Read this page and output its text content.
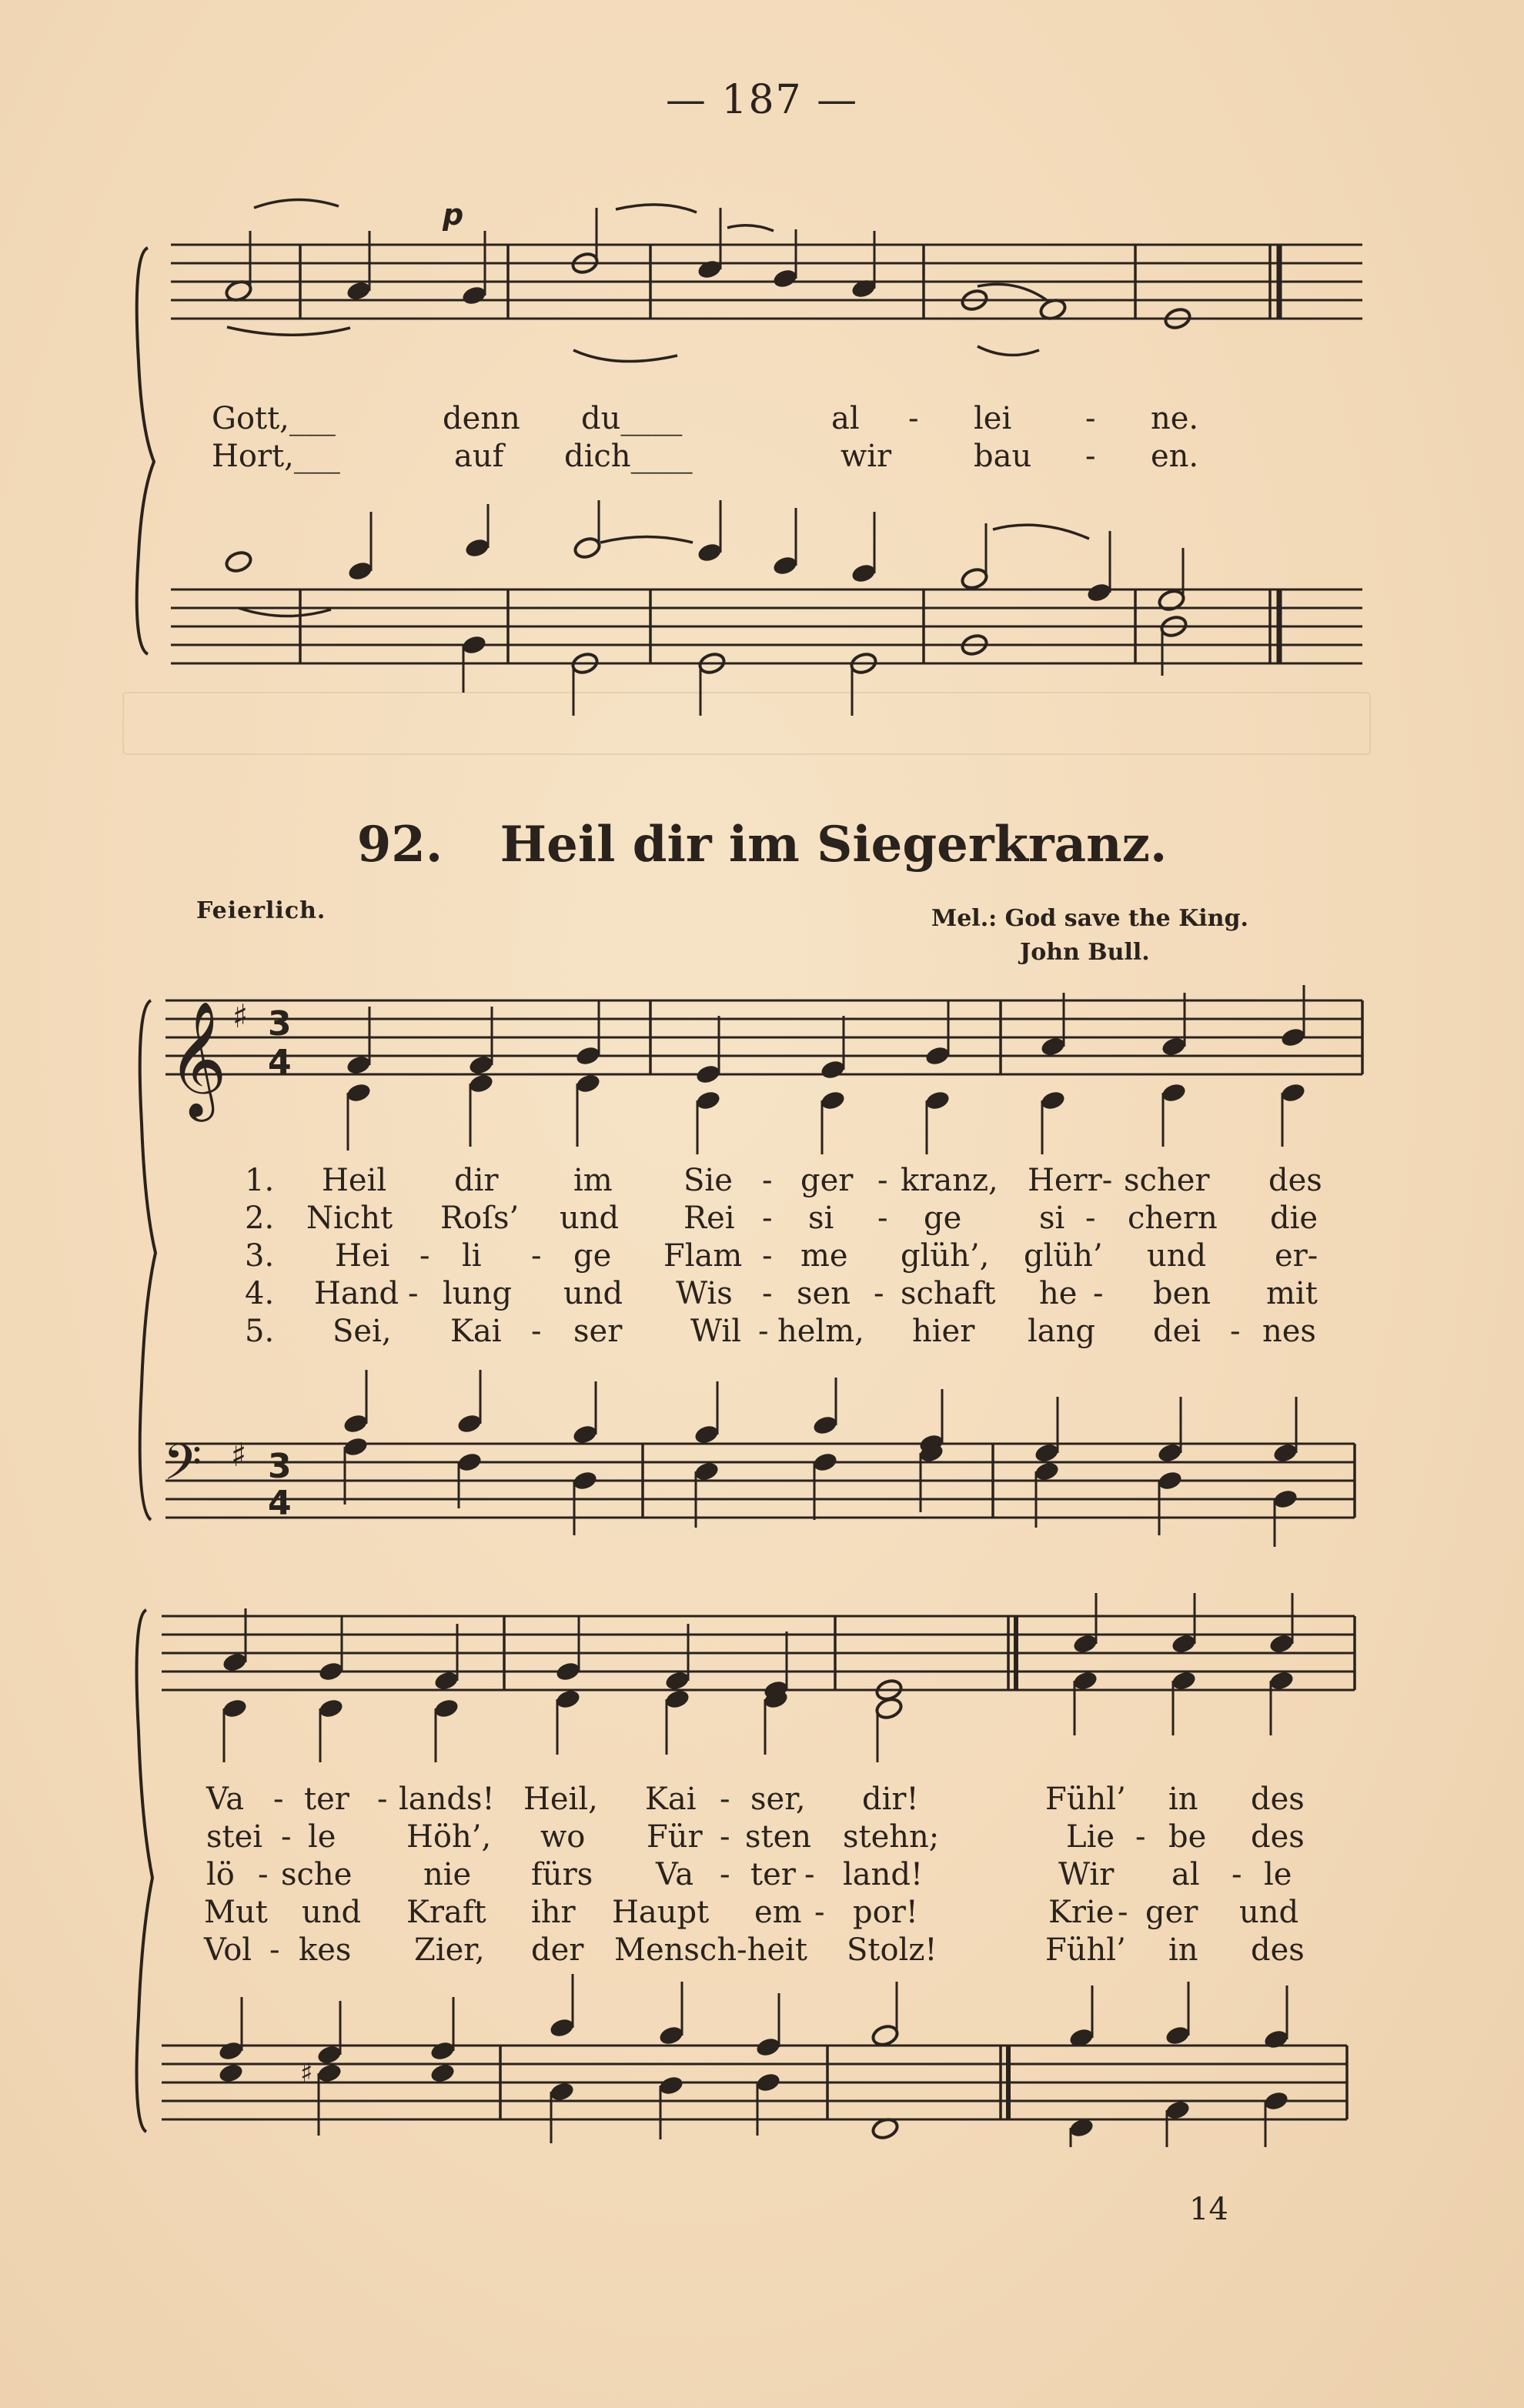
— 187 —
p
Gott,___	denn du____	al - lei - ne.
Hort,___	auf dich____	wir	bau - en.
92. Heil dir im Siegerkranz.
Feierlich.	Mel.: God save the King.
John Bull.
𝄞 ♯ 3
4
𝄢 ♯ 3
4
♯
1. Heil dir im Sie - ger - kranz, Herr- scher des
2. Nicht Roſs’ und Rei - si - ge	si - chern die
3. Hei - li - ge Flam - me glüh’, glüh’ und er-
4. Hand - lung und Wis - sen - schaft he - ben mit
5. Sei, Kai - ser Wil - helm, hier lang dei - nes
Va - ter - lands! Heil, Kai - ser, dir!	Fühl’ in des
stei - le Höh’, wo Für - sten stehn;	Lie - be des
lö - sche nie fürs Va - ter - land!	Wir al - le
Mut und Kraft ihr Haupt em - por!	Krie - ger und
Vol - kes Zier, der Mensch-heit Stolz!	Fühl’ in des
14
